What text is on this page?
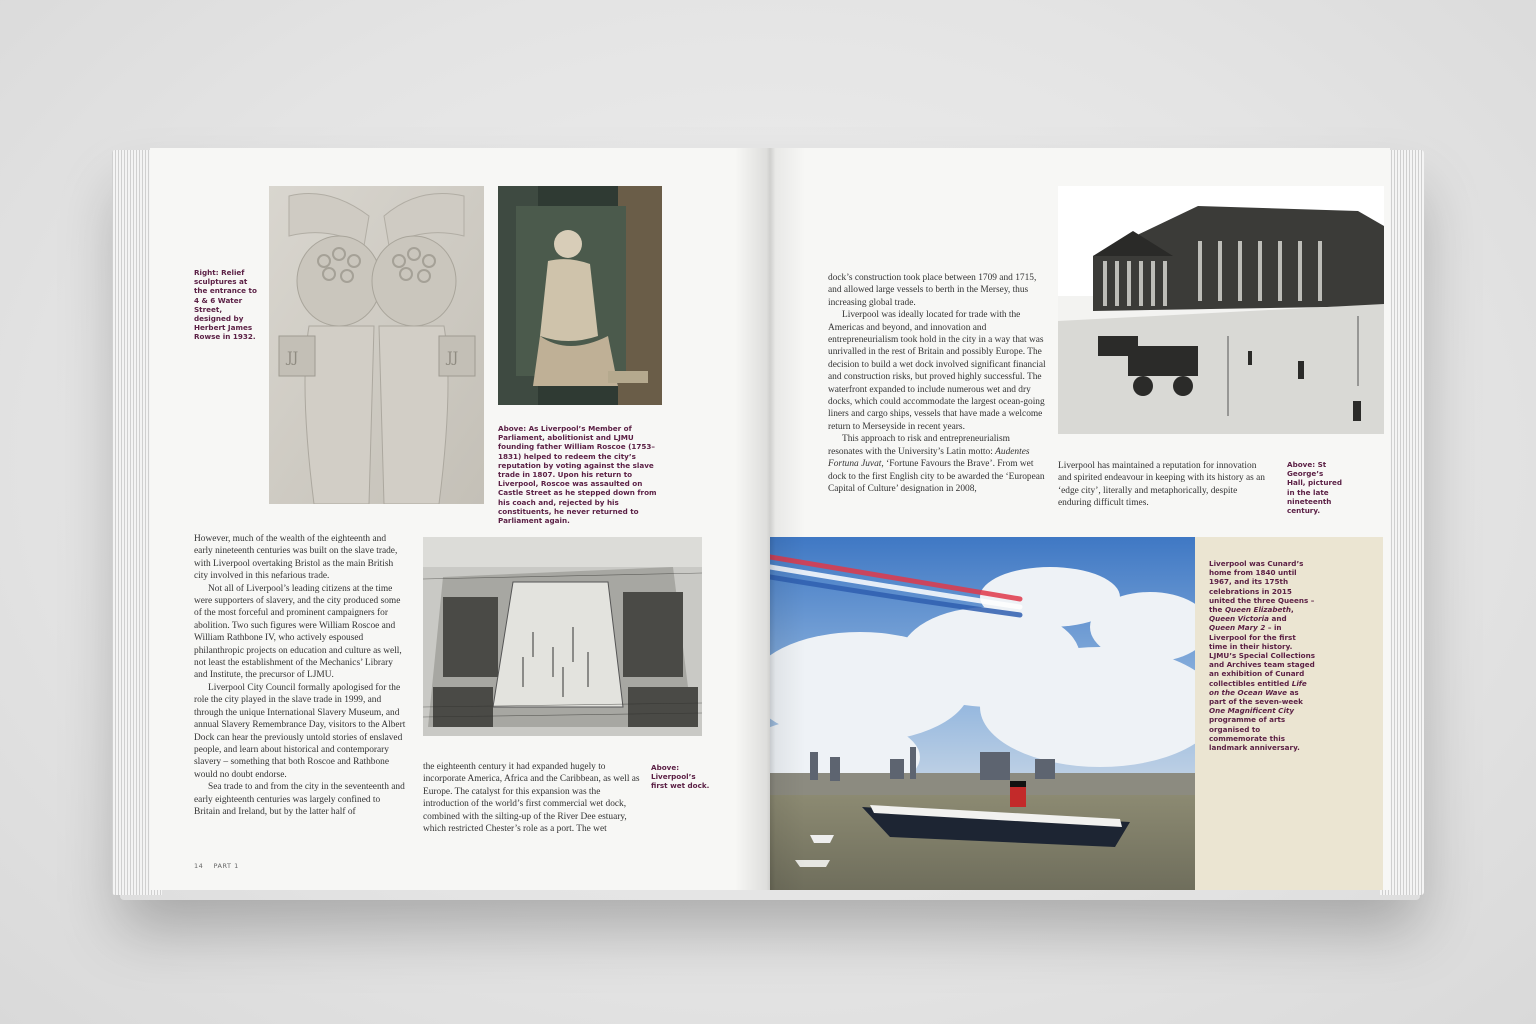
Right: Relief sculptures at the entrance to 4 & 6 Water Street, designed by Herbert James Rowse in 1932.
JJ	JJ
Above: As Liverpool’s Member of Parliament, abolitionist and LJMU founding father William Roscoe (1753–1831) helped to redeem the city’s reputation by voting against the slave trade in 1807. Upon his return to Liverpool, Roscoe was assaulted on Castle Street as he stepped down from his coach and, rejected by his constituents, he never returned to Parliament again.

However, much of the wealth of the eighteenth and early nineteenth centuries was built on the slave trade, with Liverpool overtaking Bristol as the main British city involved in this nefarious trade.

Not all of Liverpool’s leading citizens at the time were supporters of slavery, and the city produced some of the most forceful and prominent campaigners for abolition. Two such figures were William Roscoe and William Rathbone IV, who actively espoused philanthropic projects on education and culture as well, not least the establishment of the Mechanics’ Library and Institute, the precursor of LJMU.

Liverpool City Council formally apologised for the role the city played in the slave trade in 1999, and through the unique International Slavery Museum, and annual Slavery Remembrance Day, visitors to the Albert Dock can hear the previously untold stories of enslaved people, and learn about historical and contemporary slavery – something that both Roscoe and Rathbone would no doubt endorse.

Sea trade to and from the city in the seventeenth and early eighteenth centuries was largely confined to Britain and Ireland, but by the latter half of

Above: Liverpool’s first wet dock.

the eighteenth century it had expanded hugely to incorporate America, Africa and the Caribbean, as well as Europe. The catalyst for this expansion was the introduction of the world’s first commercial wet dock, combined with the silting-up of the River Dee estuary, which restricted Chester’s role as a port. The wet

14 PART 1

dock’s construction took place between 1709 and 1715, and allowed large vessels to berth in the Mersey, thus increasing global trade.

Liverpool was ideally located for trade with the Americas and beyond, and innovation and entrepreneurialism took hold in the city in a way that was unrivalled in the rest of Britain and possibly Europe. The decision to build a wet dock involved significant financial and construction risks, but proved highly successful. The waterfront expanded to include numerous wet and dry docks, which could accommodate the largest ocean-going liners and cargo ships, vessels that have made a welcome return to Merseyside in recent years.

This approach to risk and entrepreneurialism resonates with the University’s Latin motto: Audentes Fortuna Juvat, ‘Fortune Favours the Brave’. From wet dock to the first English city to be awarded the ‘European Capital of Culture’ designation in 2008,

Liverpool has maintained a reputation for innovation and spirited endeavour in keeping with its history as an ‘edge city’, literally and metaphorically, despite enduring difficult times.

Above: St George’s Hall, pictured in the late nineteenth century.
Liverpool was Cunard’s home from 1840 until 1967, and its 175th celebrations in 2015 united the three Queens – the Queen Elizabeth, Queen Victoria and Queen Mary 2 – in Liverpool for the first time in their history. LJMU’s Special Collections and Archives team staged an exhibition of Cunard collectibles entitled Life on the Ocean Wave as part of the seven-week One Magnificent City programme of arts organised to commemorate this landmark anniversary.
